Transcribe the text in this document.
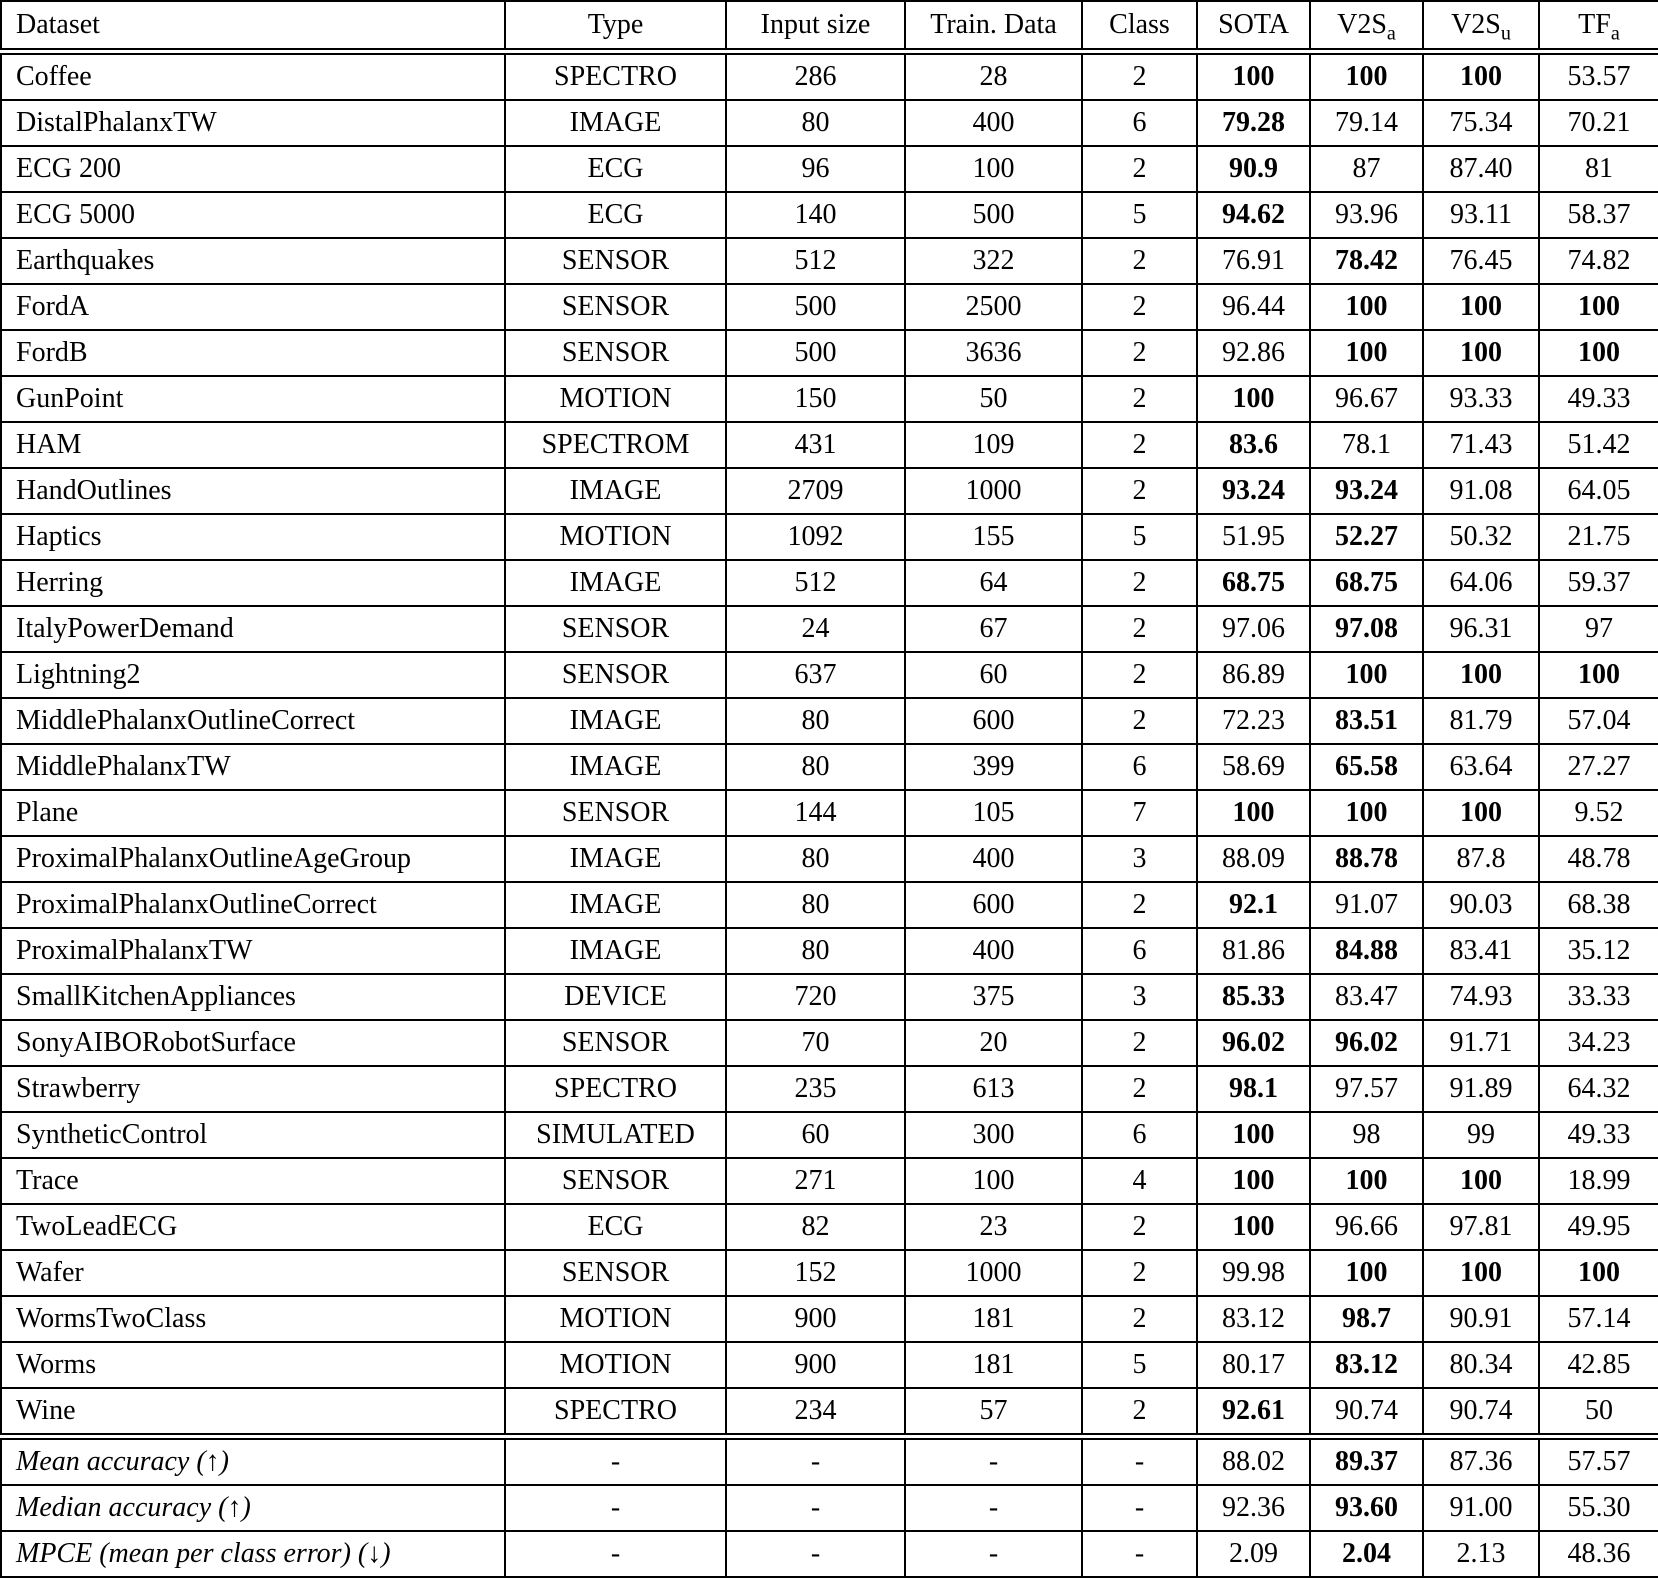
Dataset	Type	Input size	Train. Data	Class	SOTA	$V2S_a$	$V2S_u$	$TF_a$
Coffee	SPECTRO	286	28	2	100	100	100	53.57
DistalPhalanxTW	IMAGE	80	400	6	79.28	79.14	75.34	70.21
ECG 200	ECG	96	100	2	90.9	87	87.40	81
ECG 5000	ECG	140	500	5	94.62	93.96	93.11	58.37
Earthquakes	SENSOR	512	322	2	76.91	78.42	76.45	74.82
FordA	SENSOR	500	2500	2	96.44	100	100	100
FordB	SENSOR	500	3636	2	92.86	100	100	100
GunPoint	MOTION	150	50	2	100	96.67	93.33	49.33
HAM	SPECTROM	431	109	2	83.6	78.1	71.43	51.42
HandOutlines	IMAGE	2709	1000	2	93.24	93.24	91.08	64.05
Haptics	MOTION	1092	155	5	51.95	52.27	50.32	21.75
Herring	IMAGE	512	64	2	68.75	68.75	64.06	59.37
ItalyPowerDemand	SENSOR	24	67	2	97.06	97.08	96.31	97
Lightning2	SENSOR	637	60	2	86.89	100	100	100
MiddlePhalanxOutlineCorrect	IMAGE	80	600	2	72.23	83.51	81.79	57.04
MiddlePhalanxTW	IMAGE	80	399	6	58.69	65.58	63.64	27.27
Plane	SENSOR	144	105	7	100	100	100	9.52
ProximalPhalanxOutlineAgeGroup	IMAGE	80	400	3	88.09	88.78	87.8	48.78
ProximalPhalanxOutlineCorrect	IMAGE	80	600	2	92.1	91.07	90.03	68.38
ProximalPhalanxTW	IMAGE	80	400	6	81.86	84.88	83.41	35.12
SmallKitchenAppliances	DEVICE	720	375	3	85.33	83.47	74.93	33.33
SonyAIBORobotSurface	SENSOR	70	20	2	96.02	96.02	91.71	34.23
Strawberry	SPECTRO	235	613	2	98.1	97.57	91.89	64.32
SyntheticControl	SIMULATED	60	300	6	100	98	99	49.33
Trace	SENSOR	271	100	4	100	100	100	18.99
TwoLeadECG	ECG	82	23	2	100	96.66	97.81	49.95
Wafer	SENSOR	152	1000	2	99.98	100	100	100
WormsTwoClass	MOTION	900	181	2	83.12	98.7	90.91	57.14
Worms	MOTION	900	181	5	80.17	83.12	80.34	42.85
Wine	SPECTRO	234	57	2	92.61	90.74	90.74	50
Mean accuracy (↑)	-	-	-	-	88.02	89.37	87.36	57.57
Median accuracy (↑)	-	-	-	-	92.36	93.60	91.00	55.30
MPCE (mean per class error) (↓)	-	-	-	-	2.09	2.04	2.13	48.36
